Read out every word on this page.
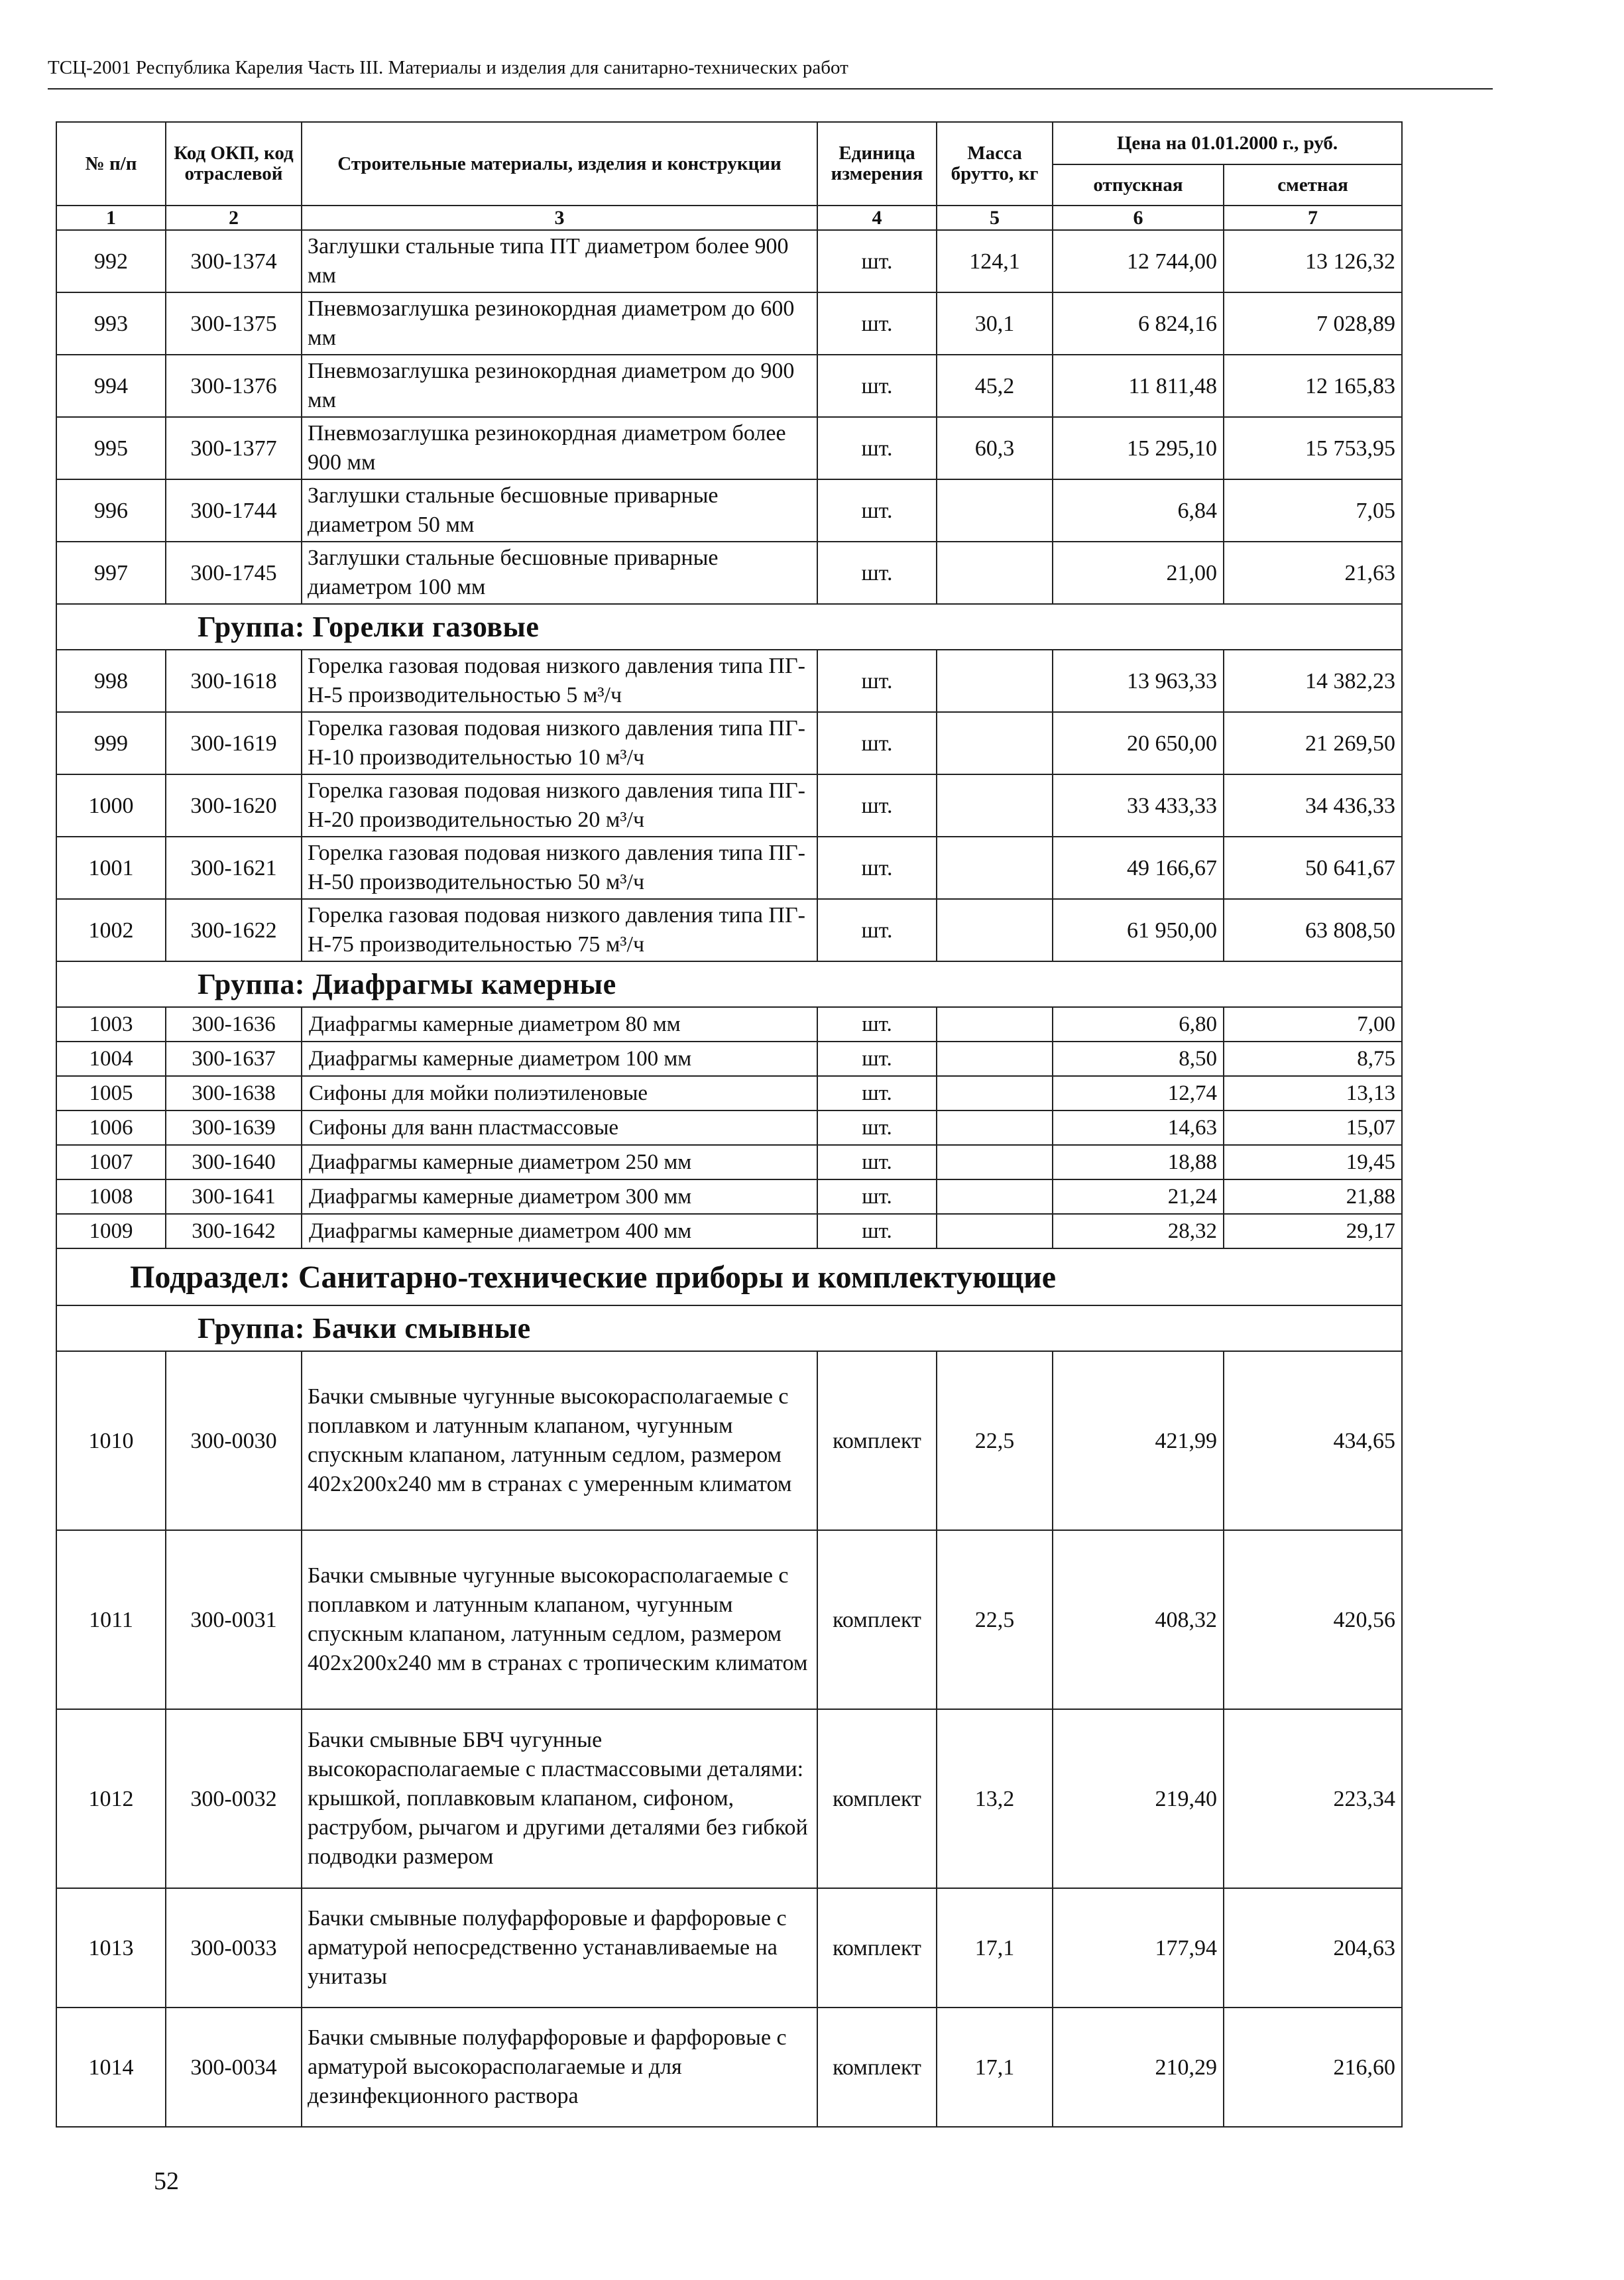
ТСЦ-2001 Республика Карелия Часть III. Материалы и изделия для санитарно-технических работ
№ п/п	Код ОКП, код отраслевой	Строительные материалы, изделия и конструкции	Единица измерения	Масса брутто, кг	Цена на 01.01.2000 г., руб.	
					отпускная	сметная
1	2	3	4	5	6	7
992	300-1374	Заглушки стальные типа ПТ диаметром более 900 мм	шт.	124,1	12 744,00	13 126,32
993	300-1375	Пневмозаглушка резинокордная диаметром до 600 мм	шт.	30,1	6 824,16	7 028,89
994	300-1376	Пневмозаглушка резинокордная диаметром до 900 мм	шт.	45,2	11 811,48	12 165,83
995	300-1377	Пневмозаглушка резинокордная диаметром более 900 мм	шт.	60,3	15 295,10	15 753,95
996	300-1744	Заглушки стальные бесшовные приварные диаметром 50 мм	шт.		6,84	7,05
997	300-1745	Заглушки стальные бесшовные приварные диаметром 100 мм	шт.		21,00	21,63
Группа: Горелки газовые						
998	300-1618	Горелка газовая подовая низкого давления типа ПГ-Н-5 производительностью 5 м³/ч	шт.		13 963,33	14 382,23
999	300-1619	Горелка газовая подовая низкого давления типа ПГ-Н-10 производительностью 10 м³/ч	шт.		20 650,00	21 269,50
1000	300-1620	Горелка газовая подовая низкого давления типа ПГ-Н-20 производительностью 20 м³/ч	шт.		33 433,33	34 436,33
1001	300-1621	Горелка газовая подовая низкого давления типа ПГ-Н-50 производительностью 50 м³/ч	шт.		49 166,67	50 641,67
1002	300-1622	Горелка газовая подовая низкого давления типа ПГ-Н-75 производительностью 75 м³/ч	шт.		61 950,00	63 808,50
Группа: Диафрагмы камерные						
1003	300-1636	Диафрагмы камерные диаметром 80 мм	шт.		6,80	7,00
1004	300-1637	Диафрагмы камерные диаметром 100 мм	шт.		8,50	8,75
1005	300-1638	Сифоны для мойки полиэтиленовые	шт.		12,74	13,13
1006	300-1639	Сифоны для ванн пластмассовые	шт.		14,63	15,07
1007	300-1640	Диафрагмы камерные диаметром 250 мм	шт.		18,88	19,45
1008	300-1641	Диафрагмы камерные диаметром 300 мм	шт.		21,24	21,88
1009	300-1642	Диафрагмы камерные диаметром 400 мм	шт.		28,32	29,17
Подраздел: Санитарно-технические приборы и комплектующие						
Группа: Бачки смывные						
1010	300-0030	Бачки смывные чугунные высокорасполагаемые с поплавком и латунным клапаном, чугунным спускным клапаном, латунным седлом, размером 402х200х240 мм в странах с умеренным климатом	комплект	22,5	421,99	434,65
1011	300-0031	Бачки смывные чугунные высокорасполагаемые с поплавком и латунным клапаном, чугунным спускным клапаном, латунным седлом, размером 402х200х240 мм в странах с тропическим климатом	комплект	22,5	408,32	420,56
1012	300-0032	Бачки смывные БВЧ чугунные высокорасполагаемые с пластмассовыми деталями: крышкой, поплавковым клапаном, сифоном, раструбом, рычагом и другими деталями без гибкой подводки размером	комплект	13,2	219,40	223,34
1013	300-0033	Бачки смывные полуфарфоровые и фарфоровые с арматурой непосредственно устанавливаемые на унитазы	комплект	17,1	177,94	204,63
1014	300-0034	Бачки смывные полуфарфоровые и фарфоровые с арматурой высокорасполагаемые и для дезинфекционного раствора	комплект	17,1	210,29	216,60
52
